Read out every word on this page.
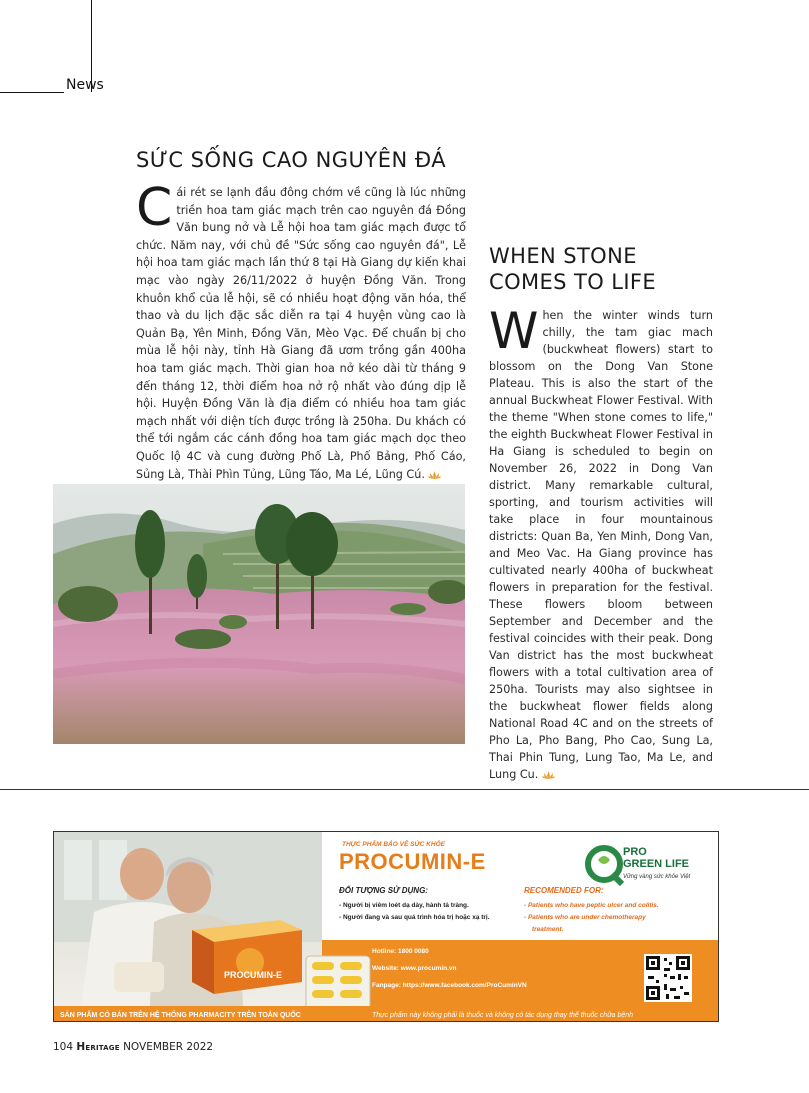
News
SỨC SỐNG CAO NGUYÊN ĐÁ
Cái rét se lạnh đầu đông chớm về cũng là lúc những triền hoa tam giác mạch trên cao nguyên đá Đồng Văn bung nở và Lễ hội hoa tam giác mạch được tổ chức. Năm nay, với chủ đề "Sức sống cao nguyên đá", Lễ hội hoa tam giác mạch lần thứ 8 tại Hà Giang dự kiến khai mạc vào ngày 26/11/2022 ở huyện Đồng Văn. Trong khuôn khổ của lễ hội, sẽ có nhiều hoạt động văn hóa, thể thao và du lịch đặc sắc diễn ra tại 4 huyện vùng cao là Quản Bạ, Yên Minh, Đồng Văn, Mèo Vạc. Để chuẩn bị cho mùa lễ hội này, tỉnh Hà Giang đã ươm trồng gần 400ha hoa tam giác mạch. Thời gian hoa nở kéo dài từ tháng 9 đến tháng 12, thời điểm hoa nở rộ nhất vào đúng dịp lễ hội. Huyện Đồng Văn là địa điểm có nhiều hoa tam giác mạch nhất với diện tích được trồng là 250ha. Du khách có thể tới ngắm các cánh đồng hoa tam giác mạch dọc theo Quốc lộ 4C và cung đường Phố Là, Phố Bảng, Phố Cáo, Sủng Là, Thài Phìn Tủng, Lũng Táo, Ma Lé, Lũng Cú.
WHEN STONE
COMES TO LIFE
When the winter winds turn chilly, the tam giac mach (buckwheat flowers) start to blossom on the Dong Van Stone Plateau. This is also the start of the annual Buckwheat Flower Festival. With the theme "When stone comes to life," the eighth Buckwheat Flower Festival in Ha Giang is scheduled to begin on November 26, 2022 in Dong Van district. Many remarkable cultural, sporting, and tourism activities will take place in four mountainous districts: Quan Ba, Yen Minh, Dong Van, and Meo Vac. Ha Giang province has cultivated nearly 400ha of buckwheat flowers in preparation for the festival. These flowers bloom between September and December and the festival coincides with their peak. Dong Van district has the most buckwheat flowers with a total cultivation area of 250ha. Tourists may also sightsee in the buckwheat flower fields along National Road 4C and on the streets of Pho La, Pho Bang, Pho Cao, Sung La, Thai Phin Tung, Lung Tao, Ma Le, and Lung Cu.
PROCUMIN-E
THỰC PHẨM BẢO VỆ SỨC KHỎE
PROCUMIN-E	PRO
GREEN LIFE
Vững vàng sức khỏe Việt
ĐỐI TƯỢNG SỬ DỤNG:
- Người bị viêm loét dạ dày, hành tá tràng.
- Người đang và sau quá trình hóa trị hoặc xạ trị.
RECOMENDED FOR:
- Patients who have peptic ulcer and colitis.
- Patients who are under chemotherapy
treatment.
Hotline: 1800 0080
Website: www.procumin.vn
Fanpage: https://www.facebook.com/ProCuminVN
SẢN PHẨM CÓ BÁN TRÊN HỆ THỐNG PHARMACITY TRÊN TOÀN QUỐC	Thực phẩm này không phải là thuốc và không có tác dụng thay thế thuốc chữa bệnh
104 Heritage NOVEMBER 2022
